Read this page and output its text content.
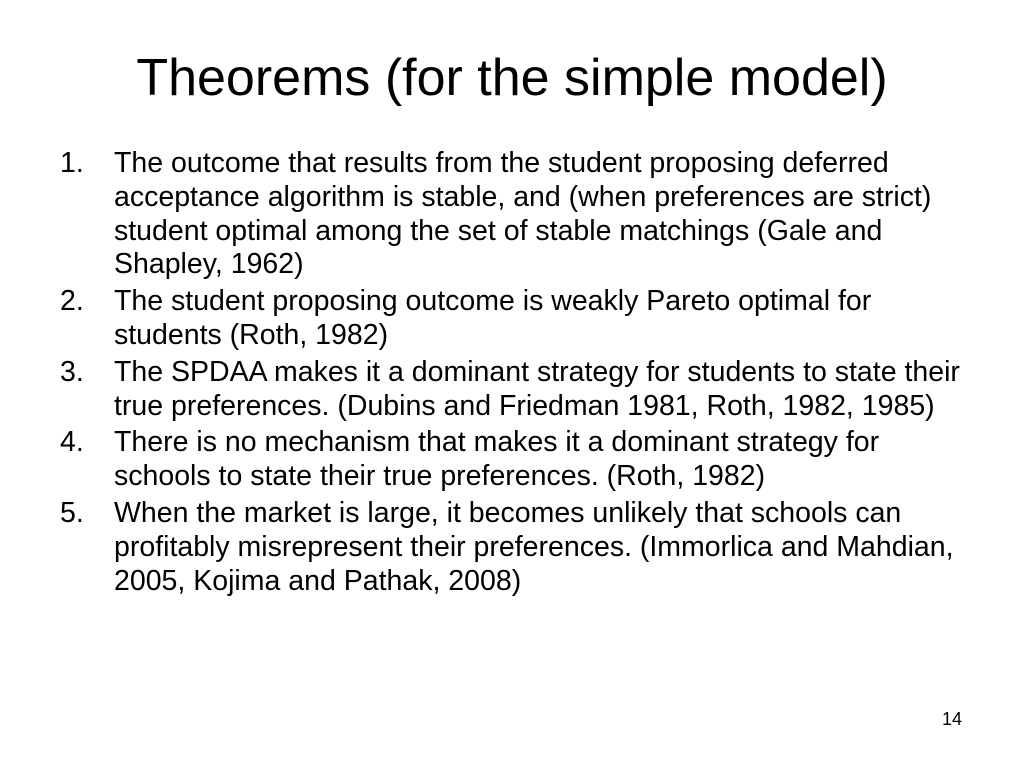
Theorems (for the simple model)
1.	The outcome that results from the student proposing deferred acceptance algorithm is stable, and (when preferences are strict) student optimal among the set of stable matchings (Gale and Shapley, 1962)
2.	The student proposing outcome is weakly Pareto optimal for students (Roth, 1982)
3.	The SPDAA makes it a dominant strategy for students to state their true preferences. (Dubins and Friedman 1981, Roth, 1982, 1985)
4.	There is no mechanism that makes it a dominant strategy for schools to state their true preferences. (Roth, 1982)
5.	When the market is large, it becomes unlikely that schools can profitably misrepresent their preferences. (Immorlica and Mahdian, 2005, Kojima and Pathak, 2008)
14
